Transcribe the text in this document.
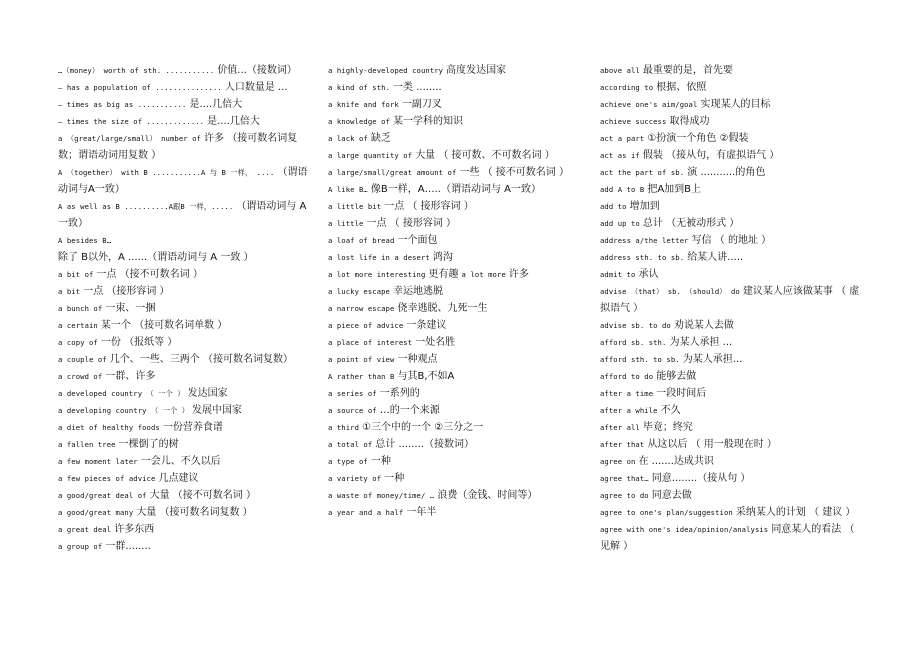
…（money） worth of sth. ........... 价值...（接数词）
– has a population of ............... 人口数量是 ...
– times as big as ........... 是....几倍大
– times the size of ............. 是....几倍大
a （great/large/small） number of 许多 （接可数名词复数；谓语动词用复数 ）
A （together） with B ...........A 与 B 一样， .... （谓语动词与A一致）
A as well as B ..........A跟B 一样，..... （谓语动词与 A 一致）
A besides B… 除了 B以外，A ......（谓语动词与 A 一致 ）
a bit of 一点 （接不可数名词 ）
a bit 一点 （接形容词 ）
a bunch of 一束、一捆
a certain 某一个 （接可数名词单数 ）
a copy of 一份 （报纸等 ）
a couple of 几个、一些、三两个 （接可数名词复数）
a crowd of 一群、许多
a developed country （ 一个 ） 发达国家
a developing country （ 一个 ） 发展中国家
a diet of healthy foods 一份营养食谱
a fallen tree 一棵倒了的树
a few moment later 一会儿、不久以后
a few pieces of advice 几点建议
a good/great deal of 大量 （接不可数名词 ）
a good/great many 大量 （接可数名词复数 ）
a great deal 许多东西
a group of 一群........
a highly-developed country 高度发达国家
a kind of sth. 一类 ........
a knife and fork 一副刀叉
a knowledge of 某一学科的知识
a lack of 缺乏
a large quantity of 大量 （ 接可数、不可数名词 ）
a large/small/great amount of 一些 （ 接不可数名词 ）
A like B… 像B一样，A…..（谓语动词与 A一致）
a little bit 一点 （ 接形容词 ）
a little 一点 （ 接形容词 ）
a loaf of bread 一个面包
a lost life in a desert 鸿沟
a lot more interesting 更有趣 a lot more 许多
a lucky escape 幸运地逃脱
a narrow escape 侥幸逃脱、九死一生
a piece of advice 一条建议
a place of interest 一处名胜
a point of view 一种观点
A rather than B 与其B,不如A
a series of 一系列的
a source of …的一个来源
a third ①三个中的一个 ②三分之一
a total of 总计 ........（接数词）
a type of 一种
a variety of 一种
a waste of money/time/ … 浪费（金钱、时间等）
a year and a half 一年半
above all 最重要的是，首先要
according to 根据、依照
achieve one's aim/goal 实现某人的目标
achieve success 取得成功
act a part ①扮演一个角色 ②假装
act as if 假装 （接从句，有虚拟语气 ）
act the part of sb. 演 ...........的角色
add A to B 把A加到B上
add to 增加到
add up to 总计 （无被动形式 ）
address a/the letter 写信 （ 的地址 ）
address sth. to sb. 给某人讲.....
admit to 承认
advise （that） sb. （should） do 建议某人应该做某事 （ 虚拟语气 ）
advise sb. to do 劝说某人去做
afford sb. sth. 为某人承担 ...
afford sth. to sb. 为某人承担...
afford to do 能够去做
after a time 一段时间后
after a while 不久
after all 毕竟；终究
after that 从这以后 （ 用一般现在时 ）
agree on 在 .......达成共识
agree that… 同意........（接从句 ）
agree to do 同意去做
agree to one's plan/suggestion 采纳某人的计划 （ 建议 ）
agree with one's idea/opinion/analysis 同意某人的看法 （ 见解 ）
